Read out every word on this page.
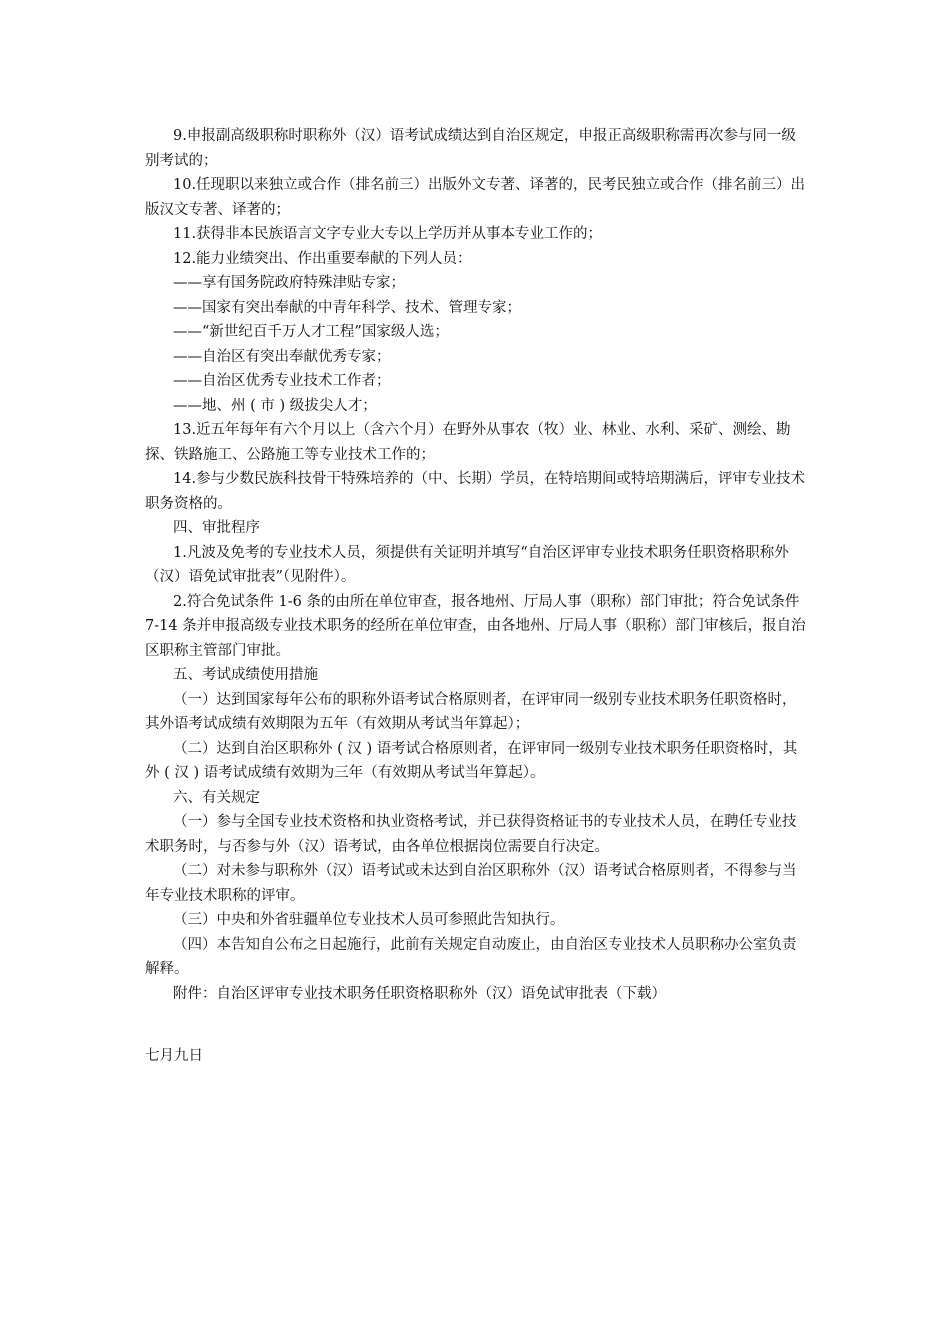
9.申报副高级职称时职称外（汉）语考试成绩达到自治区规定，申报正高级职称需再次参与同一级别考试的；

10.任现职以来独立或合作（排名前三）出版外文专著、译著的，民考民独立或合作（排名前三）出版汉文专著、译著的；

11.获得非本民族语言文字专业大专以上学历并从事本专业工作的；

12.能力业绩突出、作出重要奉献的下列人员：

——享有国务院政府特殊津贴专家；

——国家有突出奉献的中青年科学、技术、管理专家；

——“新世纪百千万人才工程”国家级人选；

——自治区有突出奉献优秀专家；

——自治区优秀专业技术工作者；

——地、州 ( 市 ) 级拔尖人才；

13.近五年每年有六个月以上（含六个月）在野外从事农（牧）业、林业、水利、采矿、测绘、勘探、铁路施工、公路施工等专业技术工作的；

14.参与少数民族科技骨干特殊培养的（中、长期）学员，在特培期间或特培期满后，评审专业技术职务资格的。

四、审批程序

1.凡波及免考的专业技术人员，须提供有关证明并填写“自治区评审专业技术职务任职资格职称外（汉）语免试审批表”（见附件）。

2.符合免试条件 1-6 条的由所在单位审查，报各地州、厅局人事（职称）部门审批；符合免试条件 7-14 条并申报高级专业技术职务的经所在单位审查，由各地州、厅局人事（职称）部门审核后，报自治区职称主管部门审批。

五、考试成绩使用措施

（一）达到国家每年公布的职称外语考试合格原则者，在评审同一级别专业技术职务任职资格时，其外语考试成绩有效期限为五年（有效期从考试当年算起）；

（二）达到自治区职称外 ( 汉 ) 语考试合格原则者，在评审同一级别专业技术职务任职资格时，其外 ( 汉 ) 语考试成绩有效期为三年（有效期从考试当年算起）。

六、有关规定

（一）参与全国专业技术资格和执业资格考试，并已获得资格证书的专业技术人员，在聘任专业技术职务时，与否参与外（汉）语考试，由各单位根据岗位需要自行决定。

（二）对未参与职称外（汉）语考试或未达到自治区职称外（汉）语考试合格原则者，不得参与当年专业技术职称的评审。

（三）中央和外省驻疆单位专业技术人员可参照此告知执行。

（四）本告知自公布之日起施行，此前有关规定自动废止，由自治区专业技术人员职称办公室负责解释。

附件：自治区评审专业技术职务任职资格职称外（汉）语免试审批表（下载）

七月九日
